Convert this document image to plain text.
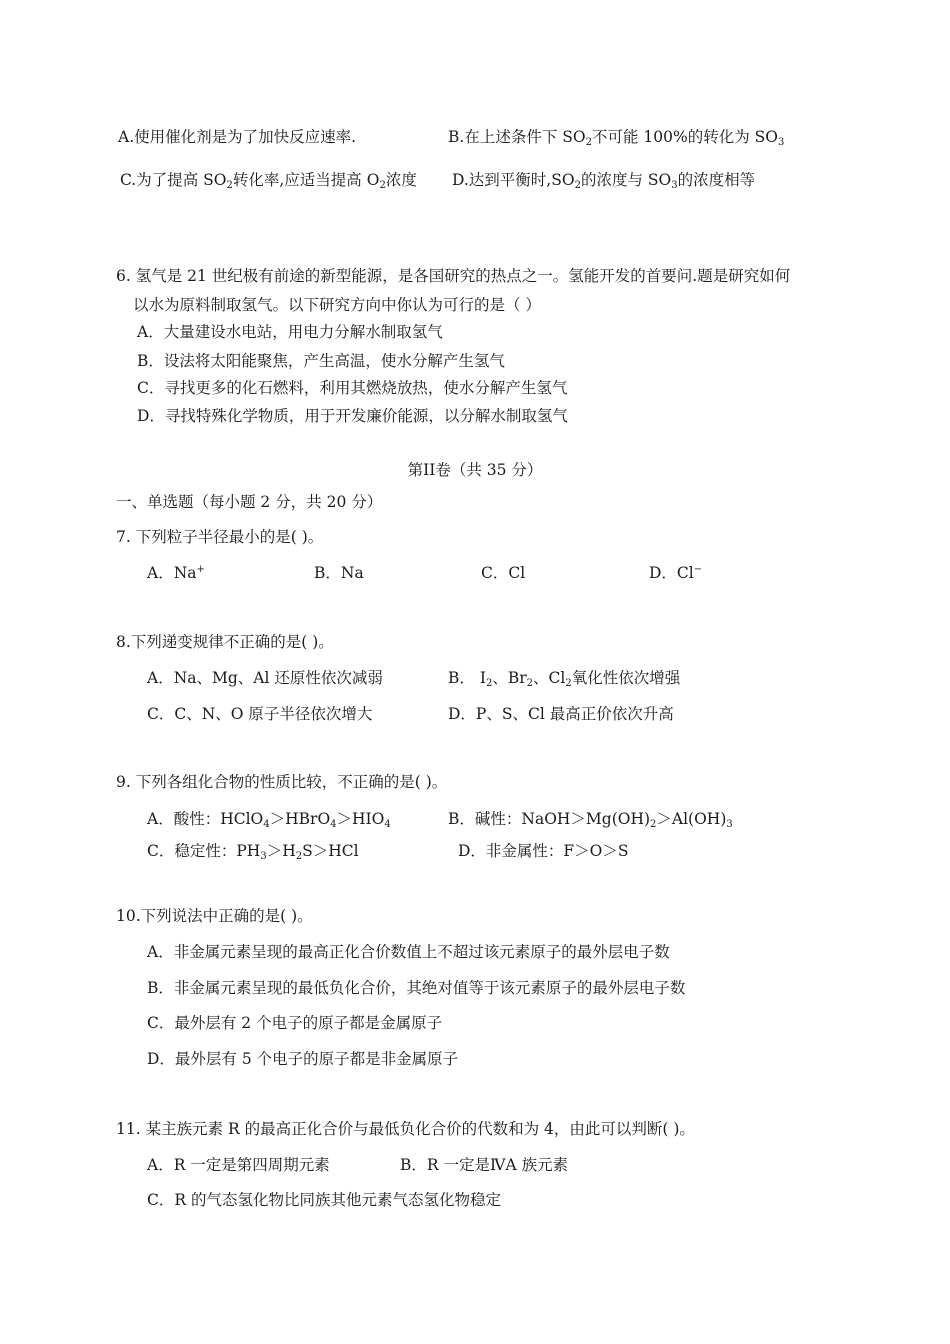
A.使用催化剂是为了加快反应速率.	B.在上述条件下 $SO_2$不可能 100%的转化为 $SO_3$
C.为了提高 $SO_2$转化率,应适当提高 $O_2$浓度 D.达到平衡时$,SO_2$的浓度与 $SO_3$的浓度相等
6. 氢气是 21 世纪极有前途的新型能源，是各国研究的热点之一。氢能开发的首要问.题是研究如何
以水为原料制取氢气。以下研究方向中你认为可行的是（ ）
A．大量建设水电站，用电力分解水制取氢气
B．设法将太阳能聚焦，产生高温，使水分解产生氢气
C．寻找更多的化石燃料，利用其燃烧放热，使水分解产生氢气
D．寻找特殊化学物质，用于开发廉价能源，以分解水制取氢气
第II卷（共 35 分）
一、单选题（每小题 2 分，共 20 分）
7. 下列粒子半径最小的是( )。
A．Na+	B．Na	C．Cl	D．Cl−
8.下列递变规律不正确的是( )。
A．Na、Mg、Al 还原性依次减弱	B． $I_2$、$Br_2$、$Cl_2$氧化性依次增强
C．C、N、O 原子半径依次增大	D．P、S、Cl 最高正价依次升高
9. 下列各组化合物的性质比较，不正确的是( )。
A．酸性：$HClO_4>HBrO_4>HIO_4$	B．碱性：$NaOH>Mg(OH)_2>Al(OH)_3$
C．稳定性：$PH_3>H_2S>HCl$	D．非金属性：F＞O＞S
10.下列说法中正确的是( )。
A．非金属元素呈现的最高正化合价数值上不超过该元素原子的最外层电子数
B．非金属元素呈现的最低负化合价，其绝对值等于该元素原子的最外层电子数
C．最外层有 2 个电子的原子都是金属原子
D．最外层有 5 个电子的原子都是非金属原子
11. 某主族元素 R 的最高正化合价与最低负化合价的代数和为 4，由此可以判断( )。
A．R 一定是第四周期元素	B．R 一定是ⅣA 族元素
C．R 的气态氢化物比同族其他元素气态氢化物稳定
